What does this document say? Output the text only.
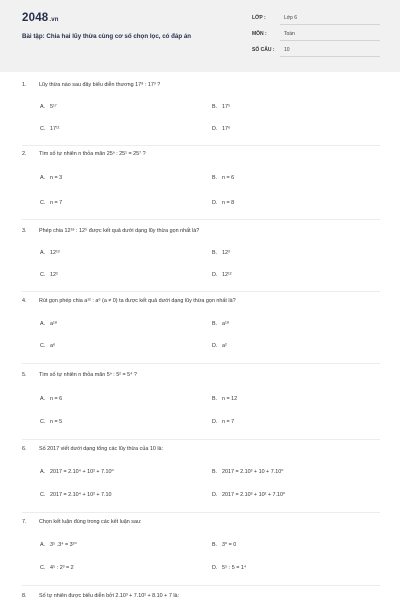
2048.vn
Bài tập: Chia hai lũy thừa cùng cơ số chọn lọc, có đáp án
LỚP :	Lớp 6
MÔN :	Toán
SỐ CÂU : 10
1. Lũy thừa nào sau đây biểu diễn thương 17⁸ : 17³ ?
A. 5¹⁷	B. 17⁵
C. 17¹¹	D. 17⁶
2. Tìm số tự nhiên n thỏa mãn 25ⁿ : 25¹ = 25⁷ ?
A. n = 3	B. n = 6
C. n = 7	D. n = 8
3. Phép chia 12¹⁸ : 12⁵ được kết quả dưới dạng lũy thừa gọn nhất là?
A. 12¹³	B. 12³
C. 12²	D. 12¹²
4. Rút gọn phép chia a¹² : a⁶ (a ≠ 0) ta được kết quả dưới dạng lũy thừa gọn nhất là?
A. a¹⁸	B. a¹⁸
C. a⁶	D. a²
5. Tìm số tự nhiên n thỏa mãn 5ⁿ : 5² = 5⁴ ?
A. n = 6	B. n = 12
C. n = 5	D. n = 7
6. Số 2017 viết dưới dạng tổng các lũy thừa của 10 là:
A. 2017 = 2.10⁴ + 10² + 7.10⁰	B. 2017 = 2.10³ + 10 + 7.10⁰
C. 2017 = 2.10⁴ + 10² + 7.10	D. 2017 = 2.10³ + 10² + 7.10⁰
7. Chọn kết luận đúng trong các kết luận sau:
A. 3⁵ .3⁴ = 3²⁰	B. 3⁰ = 0
C. 4⁵ : 2³ = 2	D. 5⁵ : 5 = 1⁴
8. Số tự nhiên được biểu diễn bởi 2.10³ + 7.10² + 8.10 + 7 là:
